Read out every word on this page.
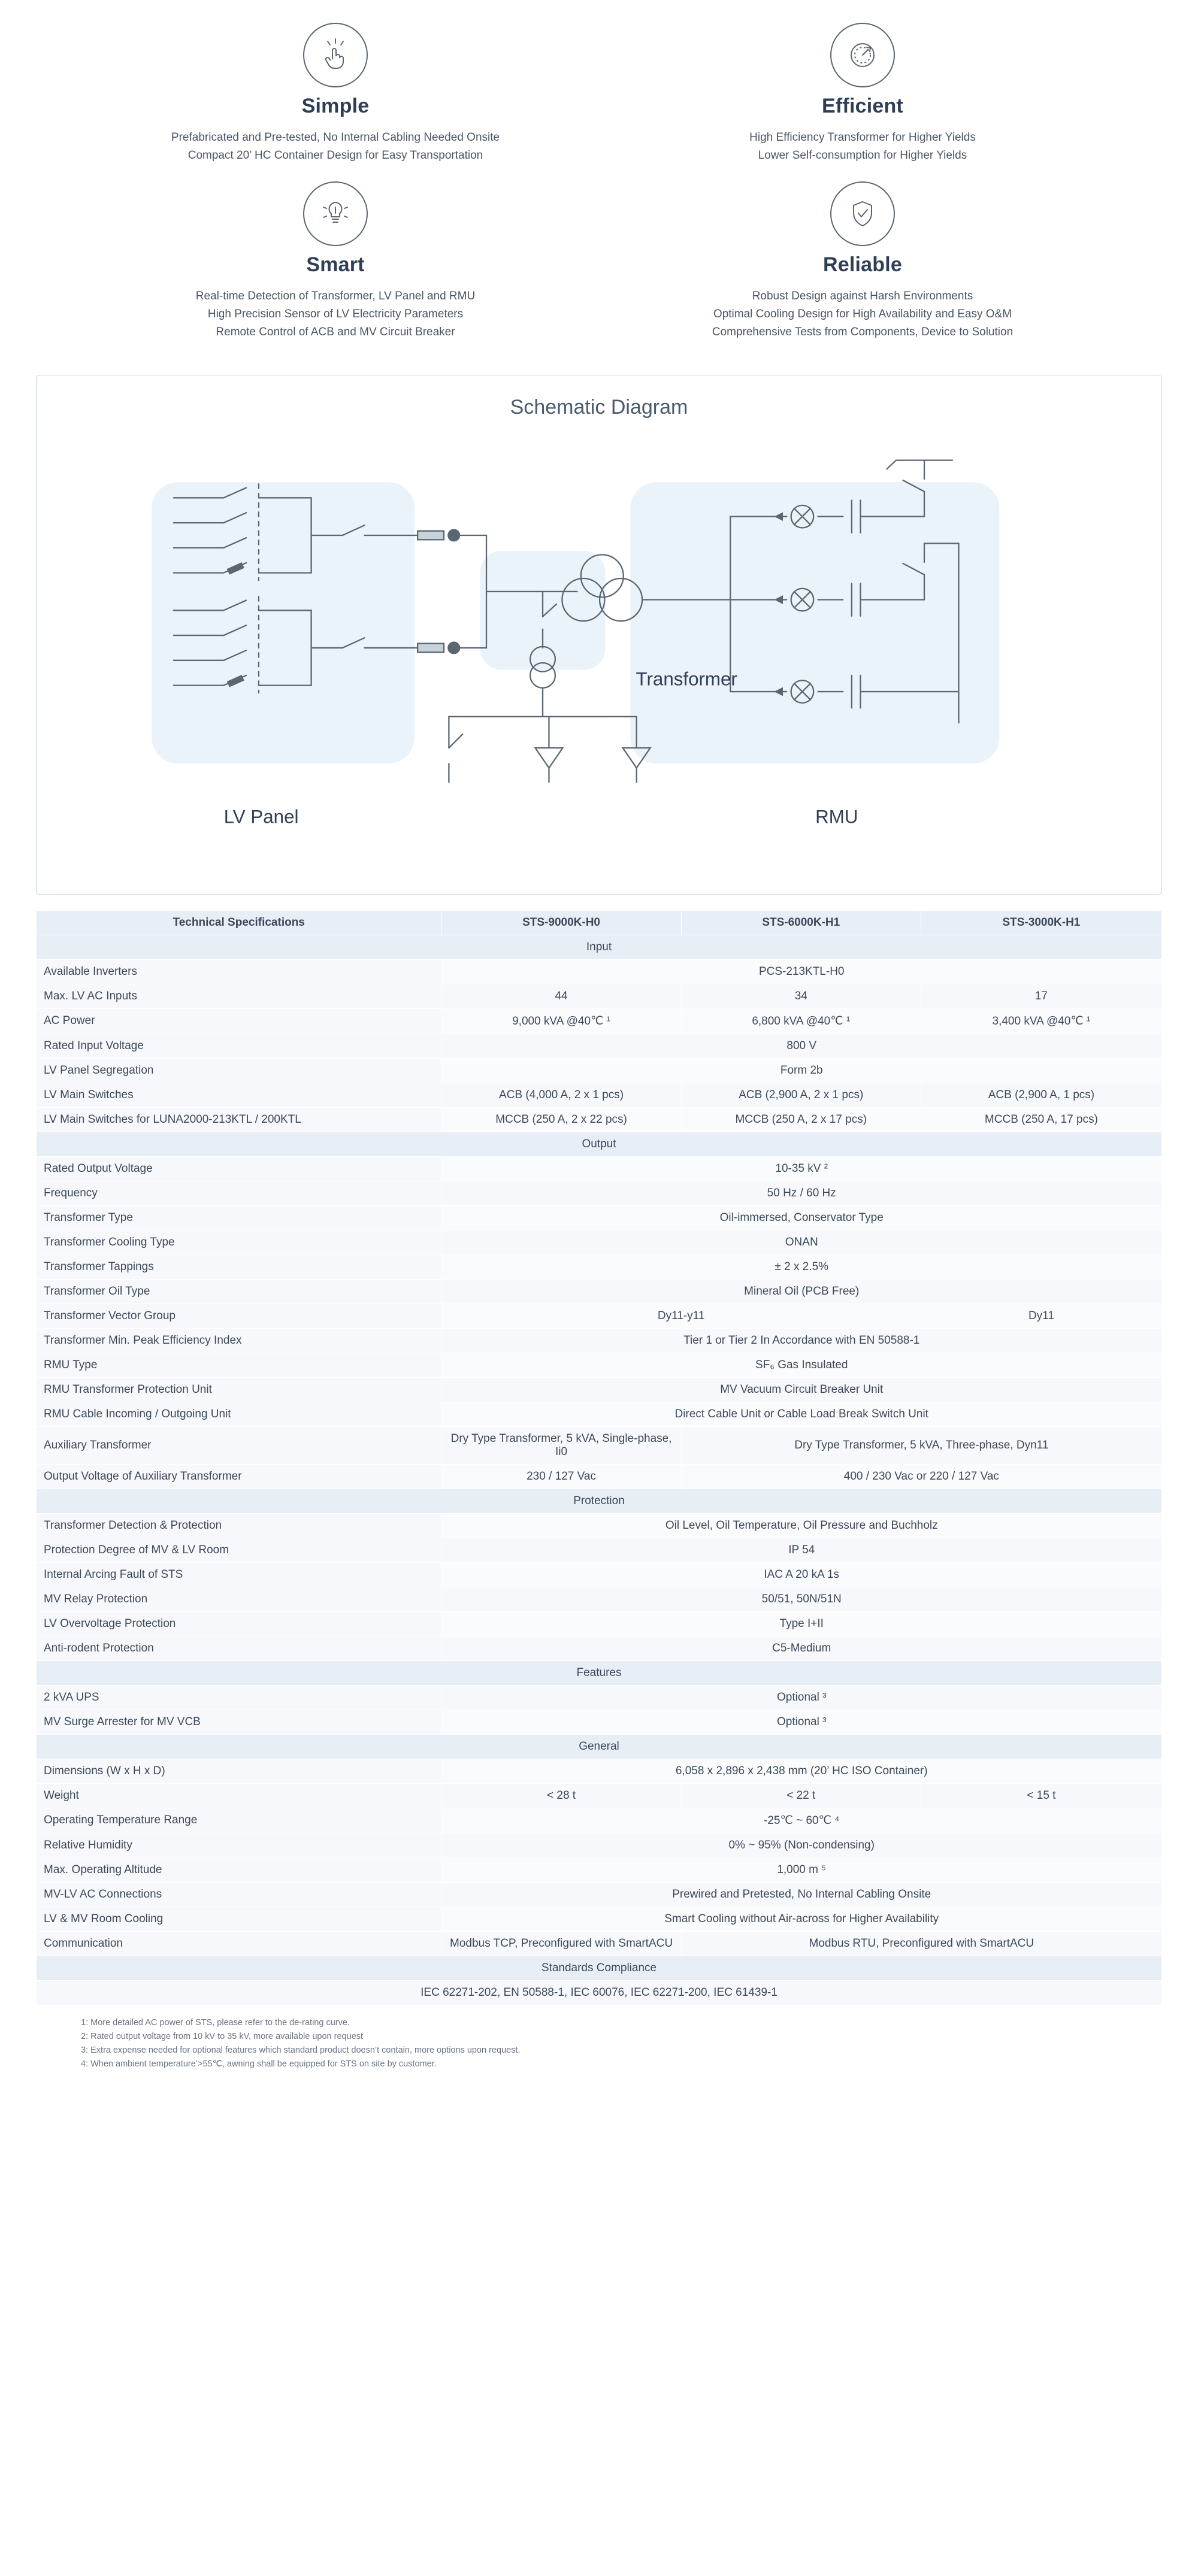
Simple

Prefabricated and Pre-tested, No Internal Cabling Needed Onsite
Compact 20’ HC Container Design for Easy Transportation

Efficient

High Efficiency Transformer for Higher Yields
Lower Self-consumption for Higher Yields

Smart

Real-time Detection of Transformer, LV Panel and RMU
High Precision Sensor of LV Electricity Parameters
Remote Control of ACB and MV Circuit Breaker

Reliable

Robust Design against Harsh Environments
Optimal Cooling Design for High Availability and Easy O&M
Comprehensive Tests from Components, Device to Solution

Schematic Diagram
LV Panel
Transformer
RMU
Technical Specifications	STS-9000K-H0	STS-6000K-H1	STS-3000K-H1
Input			
Available Inverters	PCS-213KTL-H0		
Max. LV AC Inputs	44	34	17
AC Power	9,000 kVA @40℃ ¹	6,800 kVA @40℃ ¹	3,400 kVA @40℃ ¹
Rated Input Voltage	800 V		
LV Panel Segregation	Form 2b		
LV Main Switches	ACB (4,000 A, 2 x 1 pcs)	ACB (2,900 A, 2 x 1 pcs)	ACB (2,900 A, 1 pcs)
LV Main Switches for LUNA2000-213KTL / 200KTL	MCCB (250 A, 2 x 22 pcs)	MCCB (250 A, 2 x 17 pcs)	MCCB (250 A, 17 pcs)
Output			
Rated Output Voltage	10-35 kV ²		
Frequency	50 Hz / 60 Hz		
Transformer Type	Oil-immersed, Conservator Type		
Transformer Cooling Type	ONAN		
Transformer Tappings	± 2 x 2.5%		
Transformer Oil Type	Mineral Oil (PCB Free)		
Transformer Vector Group	Dy11-y11		Dy11
Transformer Min. Peak Efficiency Index	Tier 1 or Tier 2 In Accordance with EN 50588-1		
RMU Type	SF₆ Gas Insulated		
RMU Transformer Protection Unit	MV Vacuum Circuit Breaker Unit		
RMU Cable Incoming / Outgoing Unit	Direct Cable Unit or Cable Load Break Switch Unit		
Auxiliary Transformer	Dry Type Transformer, 5 kVA, Single-phase, Ii0	Dry Type Transformer, 5 kVA, Three-phase, Dyn11	
Output Voltage of Auxiliary Transformer	230 / 127 Vac	400 / 230 Vac or 220 / 127 Vac	
Protection			
Transformer Detection & Protection	Oil Level, Oil Temperature, Oil Pressure and Buchholz		
Protection Degree of MV & LV Room	IP 54		
Internal Arcing Fault of STS	IAC A 20 kA 1s		
MV Relay Protection	50/51, 50N/51N		
LV Overvoltage Protection	Type I+II		
Anti-rodent Protection	C5-Medium		
Features			
2 kVA UPS	Optional ³		
MV Surge Arrester for MV VCB	Optional ³		
General			
Dimensions (W x H x D)	6,058 x 2,896 x 2,438 mm (20’ HC ISO Container)		
Weight	< 28 t	< 22 t	< 15 t
Operating Temperature Range	-25℃ ~ 60℃ ⁴		
Relative Humidity	0% ~ 95% (Non-condensing)		
Max. Operating Altitude	1,000 m ⁵		
MV-LV AC Connections	Prewired and Pretested, No Internal Cabling Onsite		
LV & MV Room Cooling	Smart Cooling without Air-across for Higher Availability		
Communication	Modbus TCP, Preconfigured with SmartACU	Modbus RTU, Preconfigured with SmartACU	
Standards Compliance			
IEC 62271-202, EN 50588-1, IEC 60076, IEC 62271-200, IEC 61439-1			
1: More detailed AC power of STS, please refer to the de-rating curve.
2: Rated output voltage from 10 kV to 35 kV, more available upon request
3: Extra expense needed for optional features which standard product doesn’t contain, more options upon request.
4: When ambient temperature’>55℃, awning shall be equipped for STS on site by customer.
